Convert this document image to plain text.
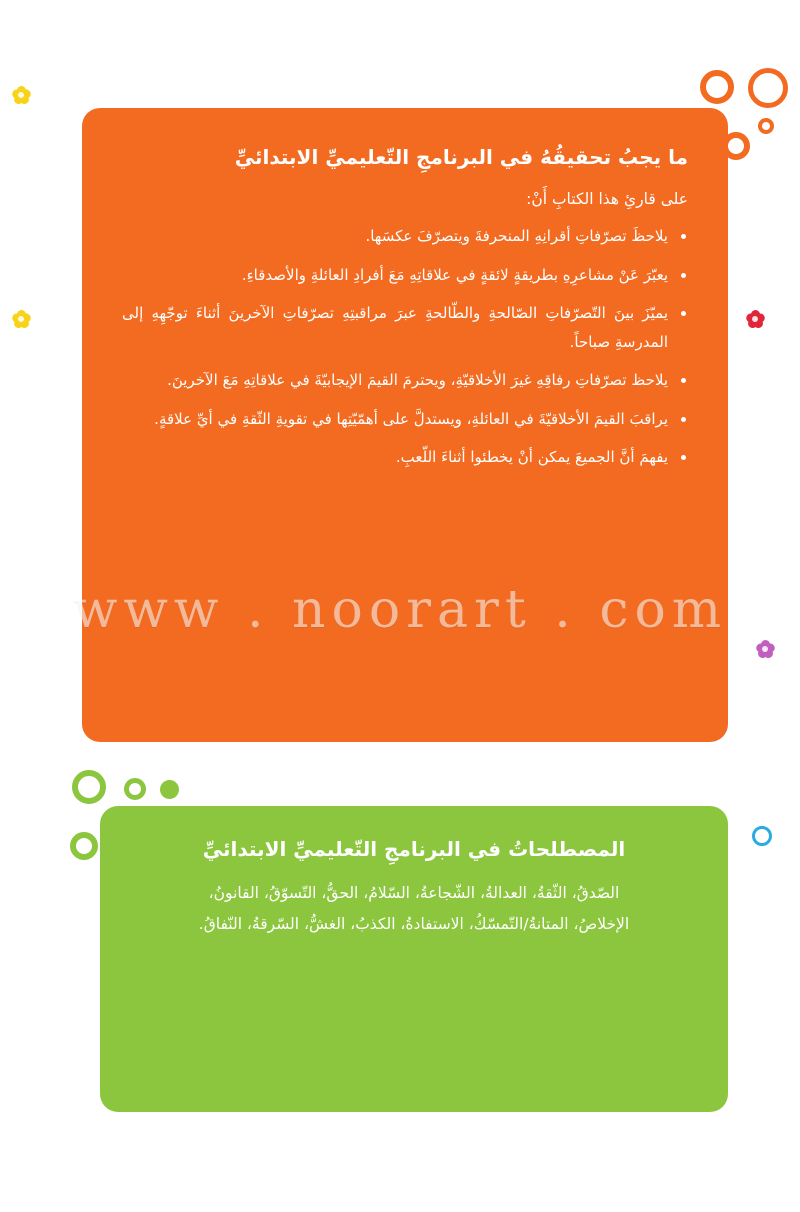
ما يجبُ تحقيقُهُ في البرنامجِ التّعليميِّ الابتدائيِّ

على قارئِ هذا الكتابِ أَنْ:

يلاحظَ تصرّفاتِ أقرانِهِ المنحرفةَ ويتصرّفَ عكسَها.
يعبّرَ عَنْ مشاعرِهِ بطريقةٍ لائقةٍ في علاقاتِهِ مَعَ أفرادِ العائلةِ والأصدقاءِ.
يميّزَ بينَ التّصرّفاتِ الصّالحةِ والطّالحةِ عبرَ مراقبتِهِ تصرّفاتِ الآخرينَ أثناءَ توجّهِهِ إلى المدرسةِ صباحاً.
يلاحظ تصرّفاتِ رفاقِهِ غيرَ الأخلاقيّةِ، ويحترمَ القيمَ الإيجابيّةَ في علاقاتِهِ مَعَ الآخرينَ.
يراقبَ القيمَ الأخلاقيّةَ في العائلةِ، ويستدلَّ على أهمّيّتِها في تقويةِ الثّقةِ في أيِّ علاقةٍ.
يفهمَ أنَّ الجميعَ يمكن أنْ يخطئوا أثناءَ اللّعبِ.
المصطلحاتُ في البرنامجِ التّعليميِّ الابتدائيِّ

الصّدقُ، الثّقةُ، العدالةُ، الشّجاعةُ، السّلامُ، الحقُّ، التّسوّقُ، القانونُ،

الإخلاصُ، المتانةُ/التّمسّكُ، الاستفادةُ، الكذبُ، الغشُّ، السّرقةُ، النّفاقُ.

www . noorart . com
